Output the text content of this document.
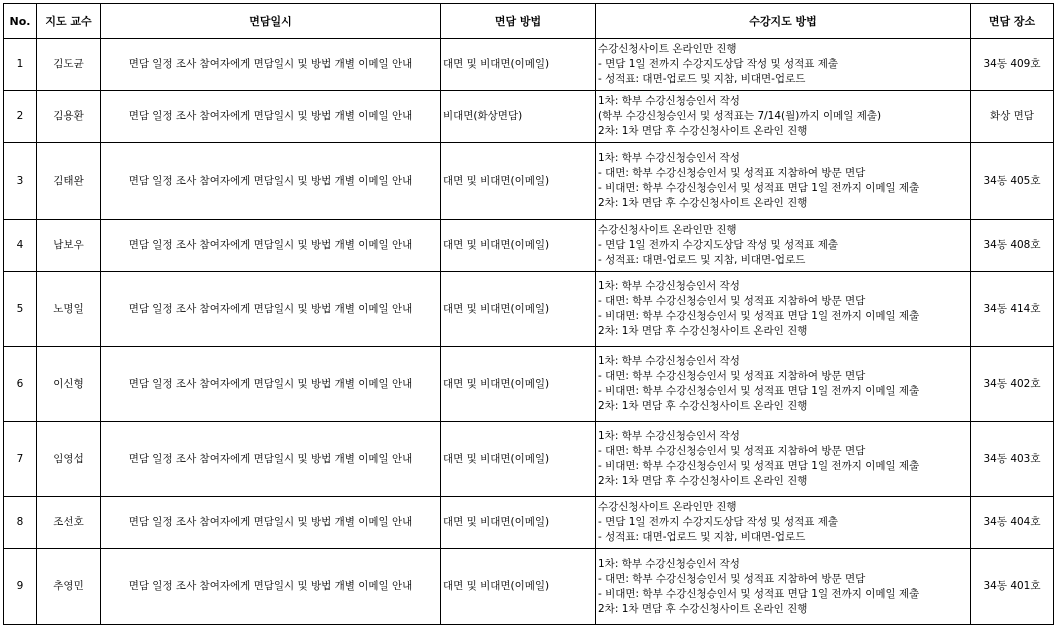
No.	지도 교수	면담일시	면담 방법	수강지도 방법	면담 장소
1	김도균	면담 일정 조사 참여자에게 면담일시 및 방법 개별 이메일 안내	대면 및 비대면(이메일)	수강신청사이트 온라인만 진행
- 면담 1일 전까지 수강지도상담 작성 및 성적표 제출
- 성적표: 대면-업로드 및 지참, 비대면-업로드	34동 409호
2	김용환	면담 일정 조사 참여자에게 면담일시 및 방법 개별 이메일 안내	비대면(화상면담)	1차: 학부 수강신청승인서 작성
(학부 수강신청승인서 및 성적표는 7/14(월)까지 이메일 제출)
2차: 1차 면담 후 수강신청사이트 온라인 진행	화상 면담
3	김태완	면담 일정 조사 참여자에게 면담일시 및 방법 개별 이메일 안내	대면 및 비대면(이메일)	1차: 학부 수강신청승인서 작성
- 대면: 학부 수강신청승인서 및 성적표 지참하여 방문 면담
- 비대면: 학부 수강신청승인서 및 성적표 면담 1일 전까지 이메일 제출
2차: 1차 면담 후 수강신청사이트 온라인 진행	34동 405호
4	남보우	면담 일정 조사 참여자에게 면담일시 및 방법 개별 이메일 안내	대면 및 비대면(이메일)	수강신청사이트 온라인만 진행
- 면담 1일 전까지 수강지도상담 작성 및 성적표 제출
- 성적표: 대면-업로드 및 지참, 비대면-업로드	34동 408호
5	노명일	면담 일정 조사 참여자에게 면담일시 및 방법 개별 이메일 안내	대면 및 비대면(이메일)	1차: 학부 수강신청승인서 작성
- 대면: 학부 수강신청승인서 및 성적표 지참하여 방문 면담
- 비대면: 학부 수강신청승인서 및 성적표 면담 1일 전까지 이메일 제출
2차: 1차 면담 후 수강신청사이트 온라인 진행	34동 414호
6	이신형	면담 일정 조사 참여자에게 면담일시 및 방법 개별 이메일 안내	대면 및 비대면(이메일)	1차: 학부 수강신청승인서 작성
- 대면: 학부 수강신청승인서 및 성적표 지참하여 방문 면담
- 비대면: 학부 수강신청승인서 및 성적표 면담 1일 전까지 이메일 제출
2차: 1차 면담 후 수강신청사이트 온라인 진행	34동 402호
7	임영섭	면담 일정 조사 참여자에게 면담일시 및 방법 개별 이메일 안내	대면 및 비대면(이메일)	1차: 학부 수강신청승인서 작성
- 대면: 학부 수강신청승인서 및 성적표 지참하여 방문 면담
- 비대면: 학부 수강신청승인서 및 성적표 면담 1일 전까지 이메일 제출
2차: 1차 면담 후 수강신청사이트 온라인 진행	34동 403호
8	조선호	면담 일정 조사 참여자에게 면담일시 및 방법 개별 이메일 안내	대면 및 비대면(이메일)	수강신청사이트 온라인만 진행
- 면담 1일 전까지 수강지도상담 작성 및 성적표 제출
- 성적표: 대면-업로드 및 지참, 비대면-업로드	34동 404호
9	추영민	면담 일정 조사 참여자에게 면담일시 및 방법 개별 이메일 안내	대면 및 비대면(이메일)	1차: 학부 수강신청승인서 작성
- 대면: 학부 수강신청승인서 및 성적표 지참하여 방문 면담
- 비대면: 학부 수강신청승인서 및 성적표 면담 1일 전까지 이메일 제출
2차: 1차 면담 후 수강신청사이트 온라인 진행	34동 401호
